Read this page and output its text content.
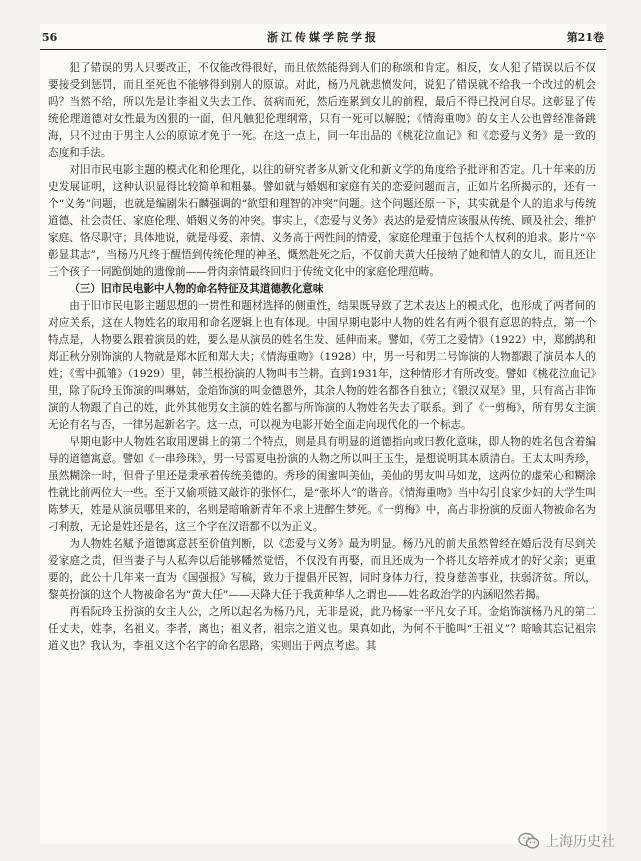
56	浙江传媒学院学报	第21卷

犯了错误的男人只要改正，不仅能改得很好，而且依然能得到人们的称颂和肯定。相反，女人犯了错误以后不仅要接受到惩罚，而且至死也不能够得到别人的原谅。对此，杨乃凡就悲愤发问，说犯了错误就不给我一个改过的机会吗？当然不给，所以先是让李祖义失去工作、贫病而死，然后连累到女儿的前程，最后不得已投河自尽。这彰显了传统伦理道德对女性最为凶狠的一面，但凡触犯伦理纲常，只有一死可以解脱；《情海重吻》的女主人公也曾经准备跳海，只不过由于男主人公的原谅才免于一死。在这一点上，同一年出品的《桃花泣血记》和《恋爱与义务》是一致的态度和手法。

对旧市民电影主题的模式化和伦理化，以往的研究者多从新文化和新文学的角度给予批评和否定。几十年来的历史发展证明，这种认识显得比较简单和粗暴。譬如就与婚姻和家庭有关的恋爱问题而言，正如片名所揭示的，还有一个“义务”问题，也就是编剧朱石麟强调的“欲望和理智的冲突”问题。这个问题还原一下，其实就是个人的追求与传统道德、社会责任、家庭伦理、婚姻义务的冲突。事实上，《恋爱与义务》表达的是爱情应该服从传统、顾及社会、维护家庭、恪尽职守；具体地说，就是母爱、亲情、义务高于两性间的情爱，家庭伦理重于包括个人权利的追求。影片“卒彰显其志”，当杨乃凡终于醒悟到传统伦理的神圣、慨然赴死之后，不仅前夫黄大任接纳了她和情人的女儿，而且还让三个孩子一同跪倒她的遗像前——骨肉亲情最终回归于传统文化中的家庭伦理范畴。

（三）旧市民电影中人物的命名特征及其道德教化意味

由于旧市民电影主题思想的一贯性和题材选择的侧重性，结果既导致了艺术表达上的模式化，也形成了两者间的对应关系，这在人物姓名的取用和命名逻辑上也有体现。中国早期电影中人物的姓名有两个很有意思的特点，第一个特点是，人物要么跟着演员的姓，要么是从演员的姓名生发、延伸而来。譬如，《劳工之爱情》（1922）中，郑鹧鸪和郑正秋分别饰演的人物就是郑木匠和郑大夫；《情海重吻》（1928）中，男一号和男二号饰演的人物都跟了演员本人的姓；《雪中孤雏》（1929）里，韩兰根扮演的人物叫韦兰耕。直到1931年，这种情形才有所改变。譬如《桃花泣血记》里，除了阮玲玉饰演的叫琳姑，金焰饰演的叫金德恩外，其余人物的姓名都各自独立；《银汉双星》里，只有高占非饰演的人物跟了自己的姓，此外其他男女主演的姓名都与所饰演的人物姓名失去了联系。到了《一剪梅》，所有男女主演无论有名与否，一律另起新名字。这一点，可以视为电影开始全面走向现代化的一个标志。

早期电影中人物姓名取用逻辑上的第二个特点，则是具有明显的道德指向或曰教化意味，即人物的姓名包含着编导的道德寓意。譬如《一串珍珠》，男一号雷夏电扮演的人物之所以叫王玉生，是想说明其本质清白。王太太叫秀珍，虽然糊涂一时，但骨子里还是秉承着传统美德的。秀珍的闺蜜叫美仙，美仙的男友叫马如龙，这两位的虚荣心和糊涂性就比前两位大一些。至于又偷项链又敲诈的张怀仁，是“张坏人”的谐音。《情海重吻》当中勾引良家少妇的大学生叫陈梦天，姓是从演员哪里来的，名则是暗喻新青年不求上进醉生梦死。《一剪梅》中，高占非扮演的反面人物被命名为刁利敖，无论是姓还是名，这三个字在汉语都不以为正义。

为人物姓名赋予道德寓意甚至价值判断，以《恋爱与义务》最为明显。杨乃凡的前夫虽然曾经在婚后没有尽到关爱家庭之责，但当妻子与人私奔以后能够幡然觉悟，不仅没有再娶，而且还成为一个将儿女培养成才的好父亲；更重要的，此公十几年来一直为《国强报》写稿，致力于提倡开民智，同时身体力行，投身慈善事业，扶弱济贫。所以，黎英扮演的这个人物被命名为“黄大任”——天降大任于我黄种华人之谓也——姓名政治学的内涵昭然若揭。

再看阮玲玉扮演的女主人公，之所以起名为杨乃凡，无非是说，此乃杨家一平凡女子耳。金焰饰演杨乃凡的第二任丈夫，姓李，名祖义。李者，离也；祖义者，祖宗之道义也。果真如此，为何不干脆叫“王祖义”？暗喻其忘记祖宗道义也？我认为，李祖义这个名字的命名思路，实则出于两点考虑。其

上海历史社
